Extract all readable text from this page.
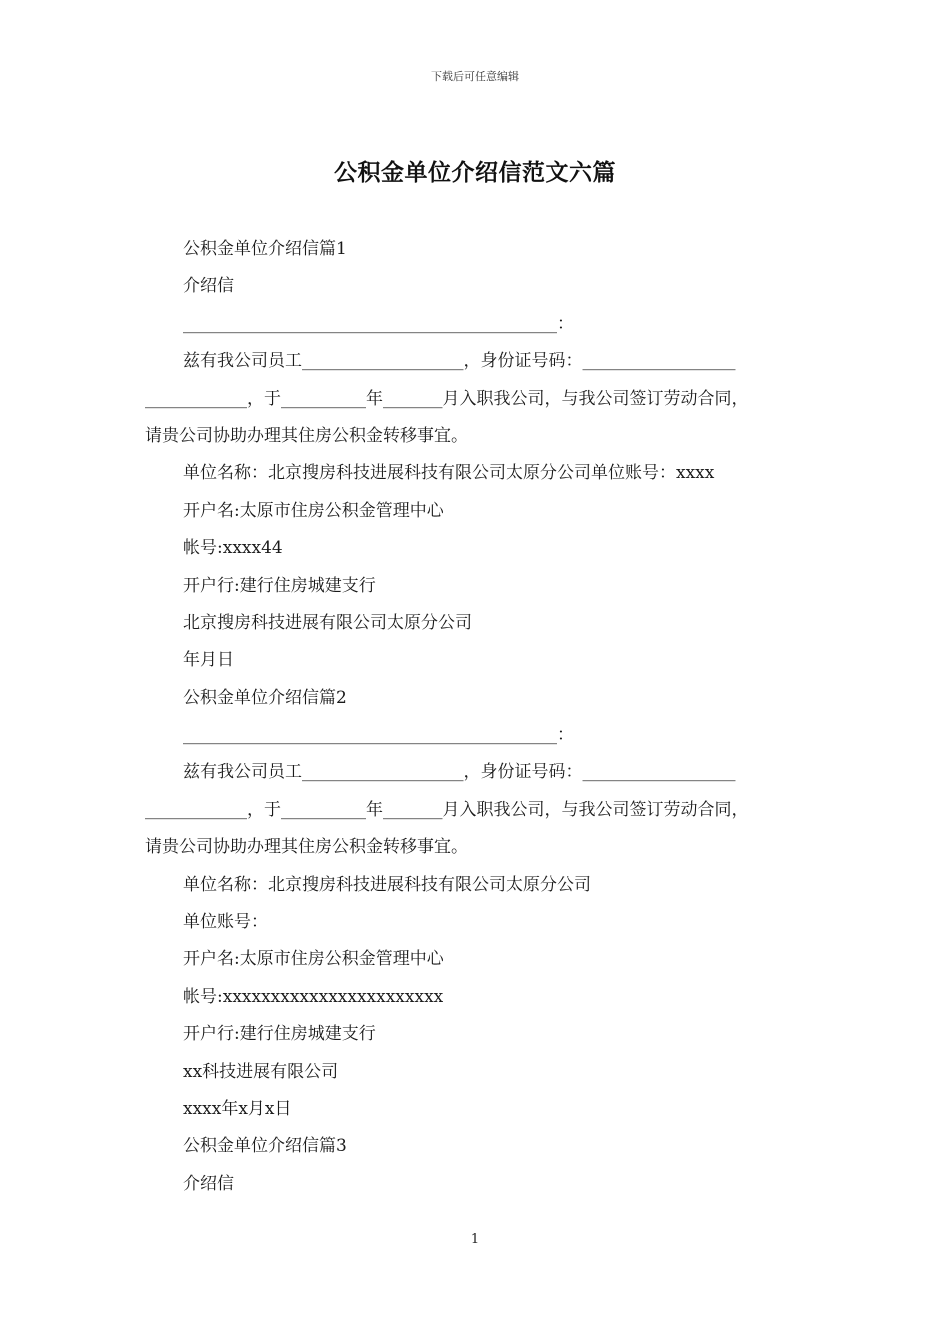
下载后可任意编辑
公积金单位介绍信范文六篇
公积金单位介绍信篇1
介绍信
____________________________________________：
兹有我公司员工___________________，身份证号码：__________________
____________，于__________年_______月入职我公司，与我公司签订劳动合同，
请贵公司协助办理其住房公积金转移事宜。
单位名称：北京搜房科技进展科技有限公司太原分公司单位账号：xxxx
开户名:太原市住房公积金管理中心
帐号:xxxx44
开户行:建行住房城建支行
北京搜房科技进展有限公司太原分公司
年月日
公积金单位介绍信篇2
____________________________________________：
兹有我公司员工___________________，身份证号码：__________________
____________，于__________年_______月入职我公司，与我公司签订劳动合同，
请贵公司协助办理其住房公积金转移事宜。
单位名称：北京搜房科技进展科技有限公司太原分公司
单位账号：
开户名:太原市住房公积金管理中心
帐号:xxxxxxxxxxxxxxxxxxxxxxx
开户行:建行住房城建支行
xx科技进展有限公司
xxxx年x月x日
公积金单位介绍信篇3
介绍信
1
